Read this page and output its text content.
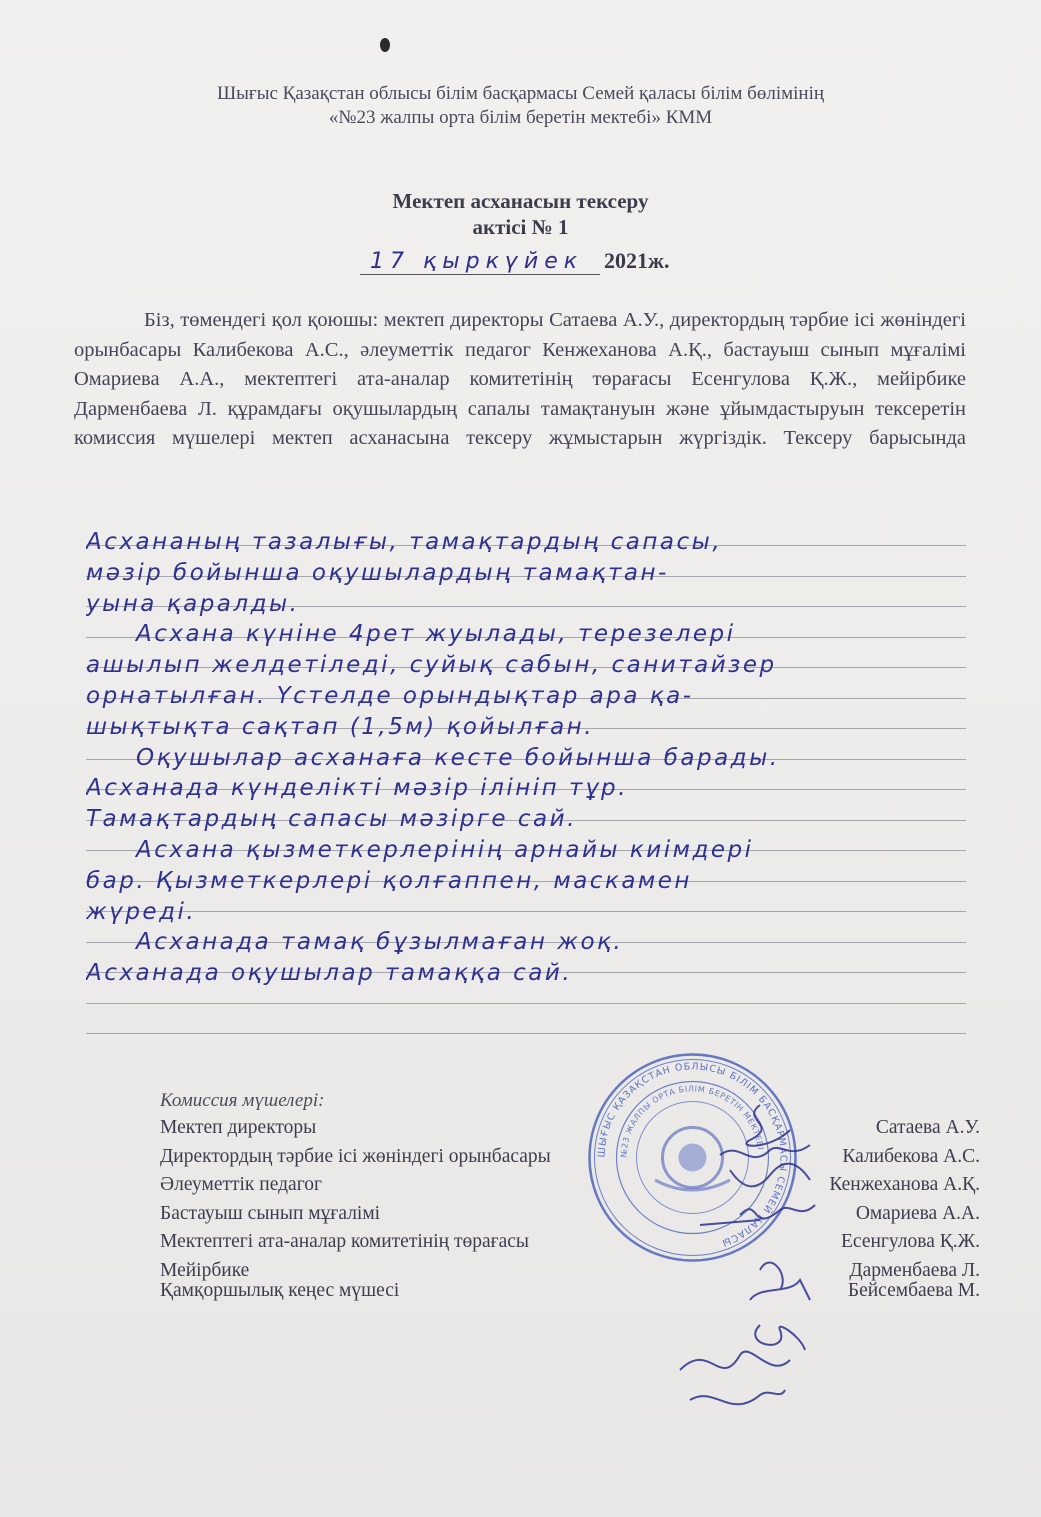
Шығыс Қазақстан облысы білім басқармасы Семей қаласы білім бөлімінің
«№23 жалпы орта білім беретін мектебі» КММ
Мектеп асханасын тексеру
актісі № 1
17 қыркүйек 2021ж.
Біз, төмендегі қол қоюшы: мектеп директоры Сатаева А.У., директордың тәрбие ісі жөніндегі орынбасары Калибекова А.С., әлеуметтік педагог Кенжеханова А.Қ., бастауыш сынып мұғалімі Омариева А.А., мектептегі ата-аналар комитетінің төрағасы Есенгулова Қ.Ж., мейірбике Дарменбаева Л. құрамдағы оқушылардың сапалы тамақтануын және ұйымдастыруын тексеретін комиссия мүшелері мектеп асханасына тексеру жұмыстарын жүргіздік. Тексеру барысында
Асхананың тазалығы, тамақтардың сапасы,
мәзір бойынша оқушылардың тамақтан-
уына қаралды.
Асхана күніне 4рет жуылады, терезелері
ашылып желдетіледі, суйық сабын, санитайзер
орнатылған. Үстелде орындықтар ара қа-
шықтықта сақтап (1,5м) қойылған.
Оқушылар асханаға кесте бойынша барады.
Асханада күнделікті мәзір ілініп тұр.
Тамақтардың сапасы мәзірге сай.
Асхана қызметкерлерінің арнайы киімдері
бар. Қызметкерлері қолғаппен, маскамен
жүреді.
Асханада тамақ бұзылмаған жоқ.
Асханада оқушылар тамаққа сай.
Комиссия мүшелері:
Мектеп директоры	Сатаева А.У.
Директордың тәрбие ісі жөніндегі орынбасары	Калибекова А.С.
Әлеуметтік педагог	Кенжеханова А.Қ.
Бастауыш сынып мұғалімі	Омариева А.А.
Мектептегі ата-аналар комитетінің төрағасы	Есенгулова Қ.Ж.
Мейірбике	Дарменбаева Л.
Қамқоршылық кеңес мүшесі	Бейсембаева М.
ШЫҒЫС ҚАЗАҚСТАН ОБЛЫСЫ БІЛІМ БАСҚАРМАСЫ СЕМЕЙ ҚАЛАСЫ
№23 ЖАЛПЫ ОРТА БІЛІМ БЕРЕТІН МЕКТЕБІ
